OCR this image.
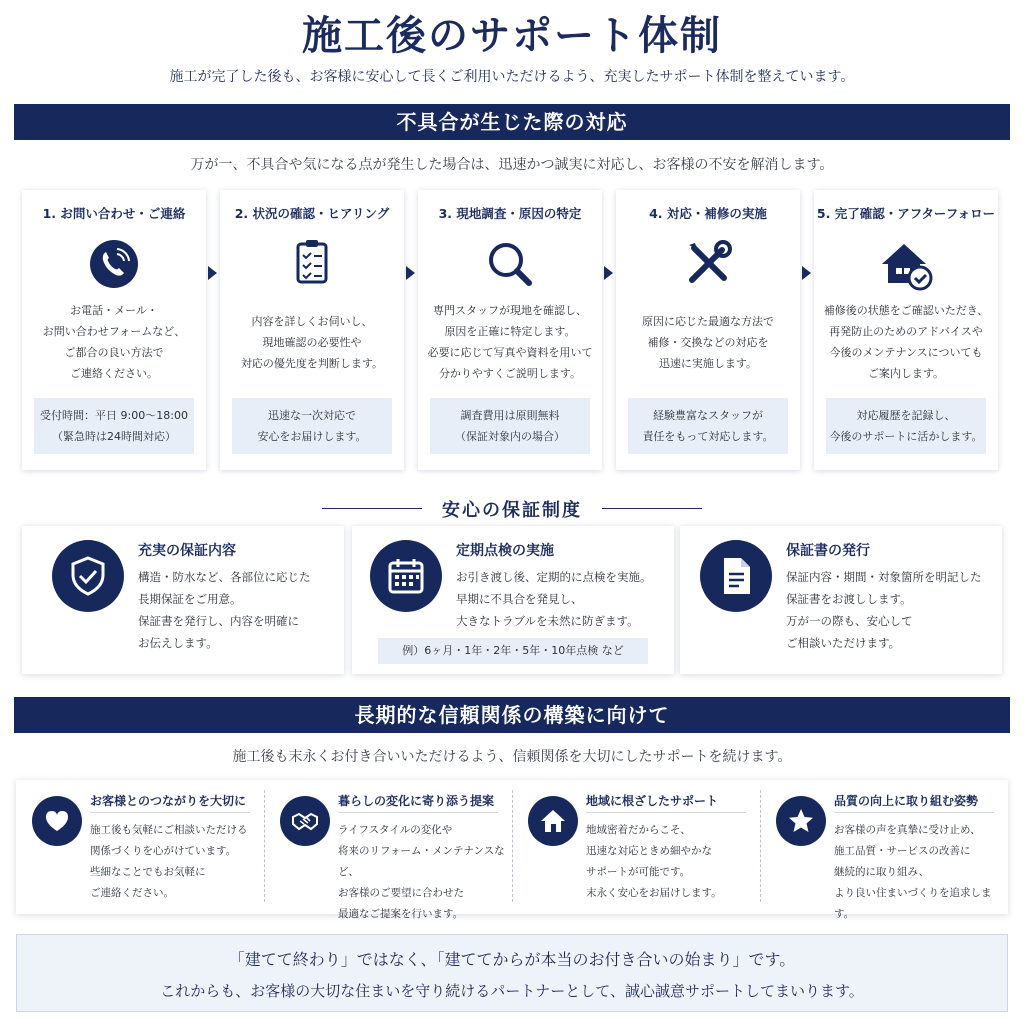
施工後のサポート体制
施工が完了した後も、お客様に安心して長くご利用いただけるよう、充実したサポート体制を整えています。
不具合が生じた際の対応
万が一、不具合や気になる点が発生した場合は、迅速かつ誠実に対応し、お客様の不安を解消します。
1. お問い合わせ・ご連絡
お電話・メール・
お問い合わせフォームなど、
ご都合の良い方法で
ご連絡ください。
受付時間：平日 9:00〜18:00
（緊急時は24時間対応）
2. 状況の確認・ヒアリング
内容を詳しくお伺いし、
現地確認の必要性や
対応の優先度を判断します。
迅速な一次対応で
安心をお届けします。
3. 現地調査・原因の特定
専門スタッフが現地を確認し、
原因を正確に特定します。
必要に応じて写真や資料を用いて
分かりやすくご説明します。
調査費用は原則無料
（保証対象内の場合）
4. 対応・補修の実施
原因に応じた最適な方法で
補修・交換などの対応を
迅速に実施します。
経験豊富なスタッフが
責任をもって対応します。
5. 完了確認・アフターフォロー
補修後の状態をご確認いただき、
再発防止のためのアドバイスや
今後のメンテナンスについても
ご案内します。
対応履歴を記録し、
今後のサポートに活かします。
安心の保証制度
充実の保証内容
構造・防水など、各部位に応じた
長期保証をご用意。
保証書を発行し、内容を明確に
お伝えします。
定期点検の実施
お引き渡し後、定期的に点検を実施。
早期に不具合を発見し、
大きなトラブルを未然に防ぎます。
例）6ヶ月・1年・2年・5年・10年点検 など
保証書の発行
保証内容・期間・対象箇所を明記した
保証書をお渡しします。
万が一の際も、安心して
ご相談いただけます。
長期的な信頼関係の構築に向けて
施工後も末永くお付き合いいただけるよう、信頼関係を大切にしたサポートを続けます。
お客様とのつながりを大切に
施工後も気軽にご相談いただける
関係づくりを心がけています。
些細なことでもお気軽に
ご連絡ください。
暮らしの変化に寄り添う提案
ライフスタイルの変化や
将来のリフォーム・メンテナンスなど、
お客様のご要望に合わせた
最適なご提案を行います。
地域に根ざしたサポート
地域密着だからこそ、
迅速な対応ときめ細やかな
サポートが可能です。
末永く安心をお届けします。
品質の向上に取り組む姿勢
お客様の声を真摯に受け止め、
施工品質・サービスの改善に
継続的に取り組み、
より良い住まいづくりを追求します。
「建てて終わり」ではなく、「建ててからが本当のお付き合いの始まり」です。
これからも、お客様の大切な住まいを守り続けるパートナーとして、誠心誠意サポートしてまいります。
